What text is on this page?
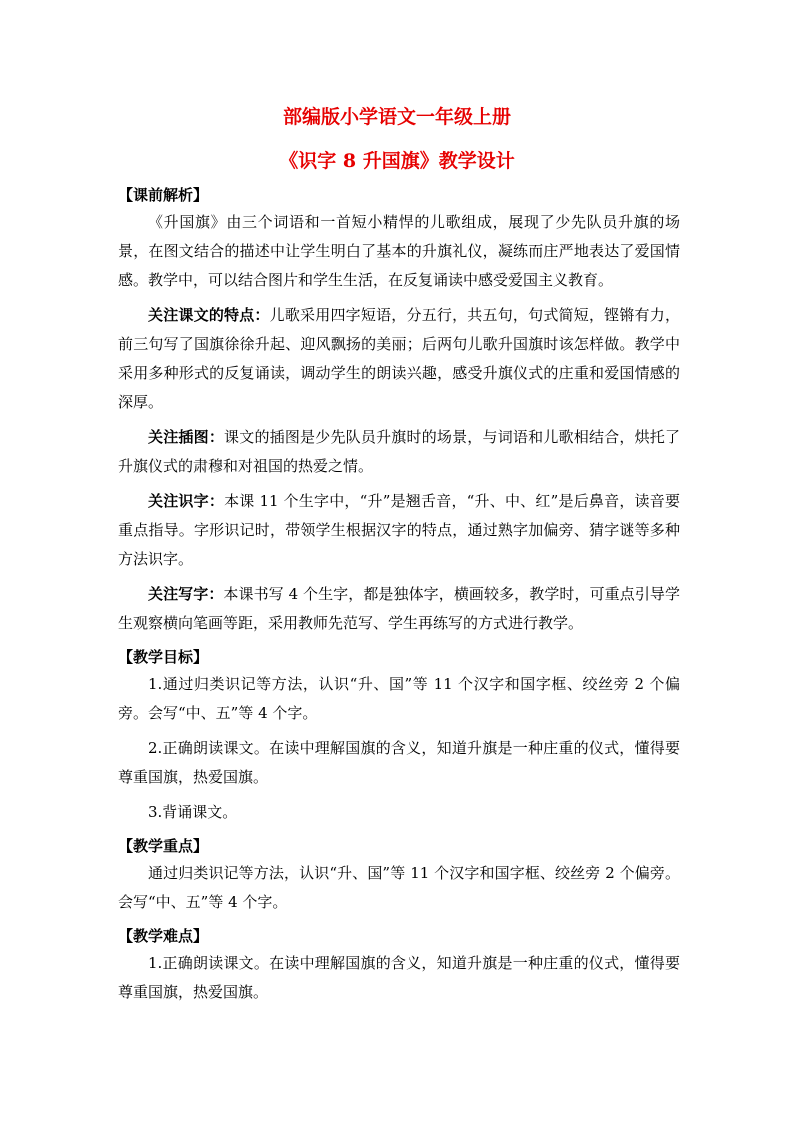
部编版小学语文一年级上册
《识字 8 升国旗》教学设计

【课前解析】

《升国旗》由三个词语和一首短小精悍的儿歌组成，展现了少先队员升旗的场景，在图文结合的描述中让学生明白了基本的升旗礼仪，凝练而庄严地表达了爱国情感。教学中，可以结合图片和学生生活，在反复诵读中感受爱国主义教育。

关注课文的特点：儿歌采用四字短语，分五行，共五句，句式简短，铿锵有力，前三句写了国旗徐徐升起、迎风飘扬的美丽；后两句儿歌升国旗时该怎样做。教学中采用多种形式的反复诵读，调动学生的朗读兴趣，感受升旗仪式的庄重和爱国情感的深厚。

关注插图：课文的插图是少先队员升旗时的场景，与词语和儿歌相结合，烘托了升旗仪式的肃穆和对祖国的热爱之情。

关注识字：本课 11 个生字中，“升”是翘舌音，“升、中、红”是后鼻音，读音要重点指导。字形识记时，带领学生根据汉字的特点，通过熟字加偏旁、猜字谜等多种方法识字。

关注写字：本课书写 4 个生字，都是独体字，横画较多，教学时，可重点引导学生观察横向笔画等距，采用教师先范写、学生再练写的方式进行教学。

【教学目标】

1.通过归类识记等方法，认识“升、国”等 11 个汉字和国字框、绞丝旁 2 个偏旁。会写“中、五”等 4 个字。

2.正确朗读课文。在读中理解国旗的含义，知道升旗是一种庄重的仪式，懂得要尊重国旗，热爱国旗。

3.背诵课文。

【教学重点】

通过归类识记等方法，认识“升、国”等 11 个汉字和国字框、绞丝旁 2 个偏旁。会写“中、五”等 4 个字。

【教学难点】

1.正确朗读课文。在读中理解国旗的含义，知道升旗是一种庄重的仪式，懂得要尊重国旗，热爱国旗。
